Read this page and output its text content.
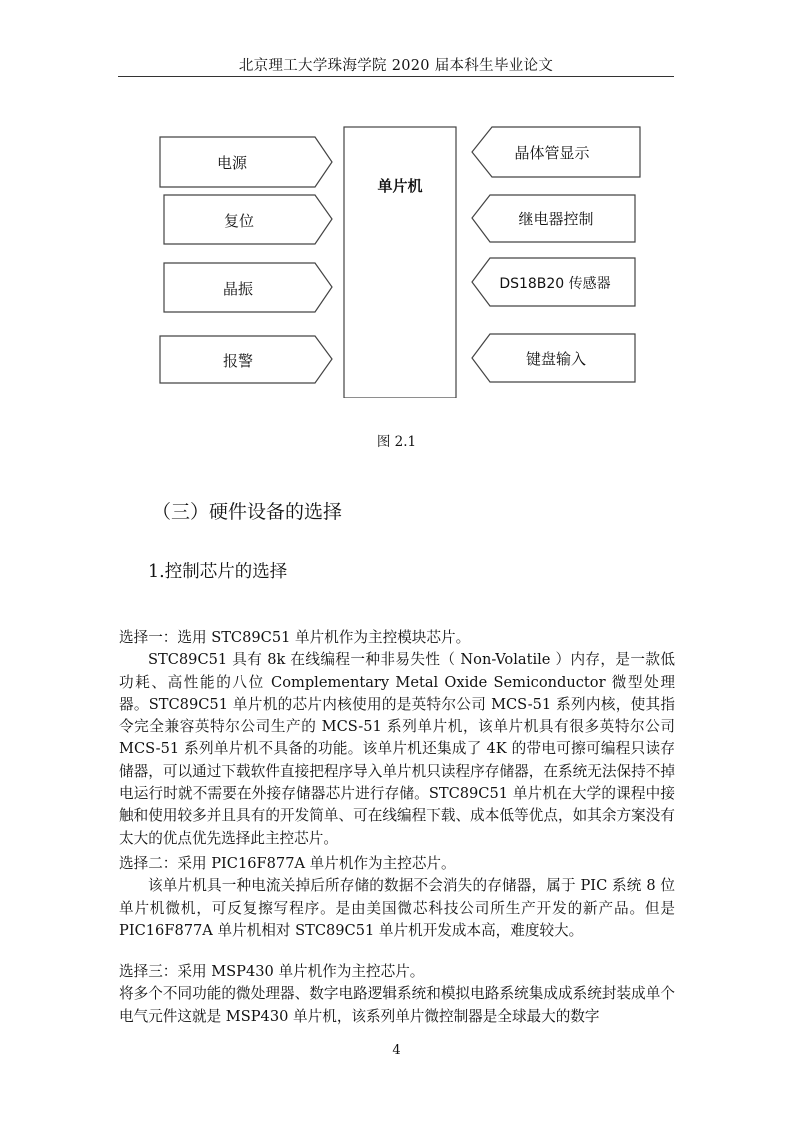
北京理工大学珠海学院 2020 届本科生毕业论文
单片机
电源
复位
晶振
报警
晶体管显示
继电器控制
DS18B20 传感器
键盘输入
图 2.1
（三）硬件设备的选择
1.控制芯片的选择

选择一：选用 STC89C51 单片机作为主控模块芯片。

STC89C51 具有 8k 在线编程一种非易失性（ Non-Volatile ）内存，是一款低功耗、高性能的八位 Complementary Metal Oxide Semiconductor 微型处理器。STC89C51 单片机的芯片内核使用的是英特尔公司 MCS-51 系列内核，使其指令完全兼容英特尔公司生产的 MCS-51 系列单片机，该单片机具有很多英特尔公司MCS-51 系列单片机不具备的功能。该单片机还集成了 4K 的带电可擦可编程只读存储器，可以通过下载软件直接把程序导入单片机只读程序存储器，在系统无法保持不掉电运行时就不需要在外接存储器芯片进行存储。STC89C51 单片机在大学的课程中接触和使用较多并且具有的开发简单、可在线编程下载、成本低等优点，如其余方案没有太大的优点优先选择此主控芯片。

选择二：采用 PIC16F877A 单片机作为主控芯片。

该单片机具一种电流关掉后所存储的数据不会消失的存储器，属于 PIC 系统 8 位单片机微机，可反复擦写程序。是由美国微芯科技公司所生产开发的新产品。但是 PIC16F877A 单片机相对 STC89C51 单片机开发成本高，难度较大。

选择三：采用 MSP430 单片机作为主控芯片。

将多个不同功能的微处理器、数字电路逻辑系统和模拟电路系统集成成系统封装成单个电气元件这就是 MSP430 单片机，该系列单片微控制器是全球最大的数字

4
